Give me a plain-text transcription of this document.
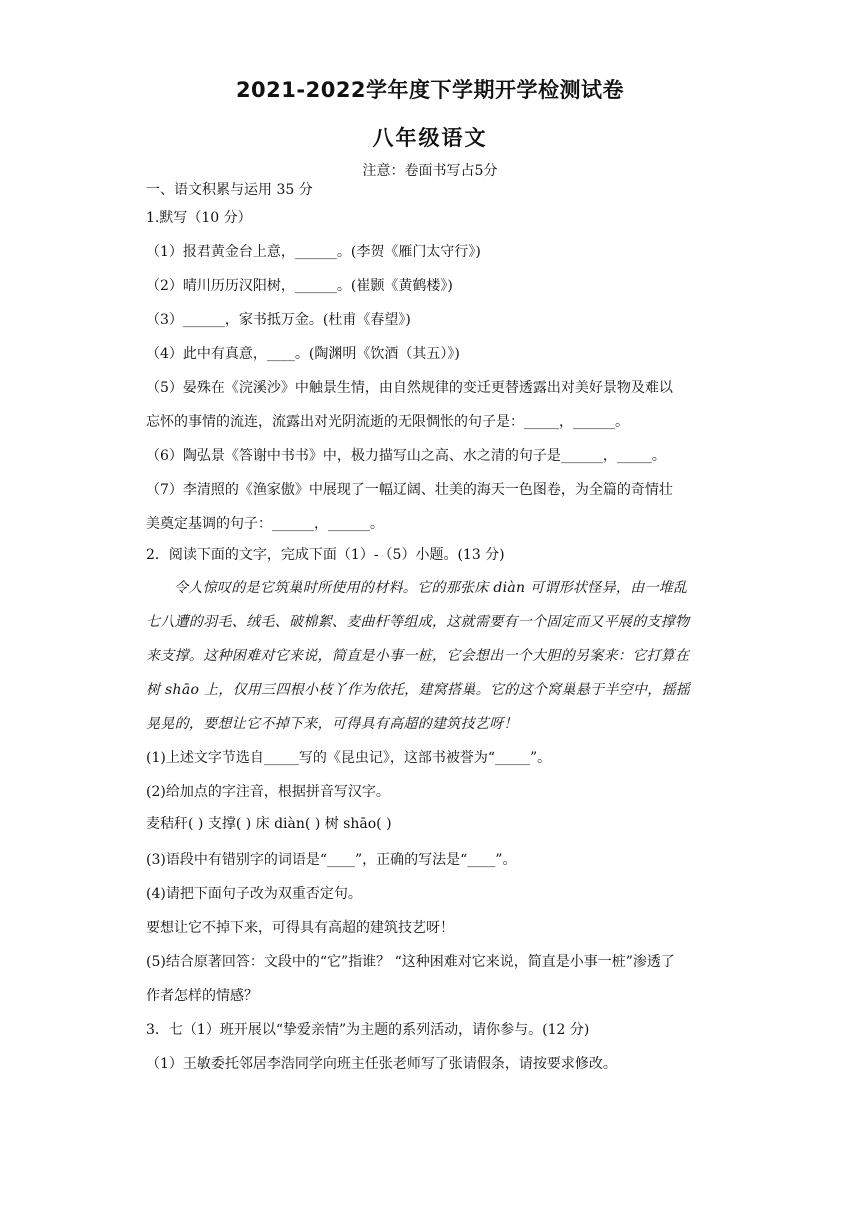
2021-2022学年度下学期开学检测试卷
八年级语文
注意：卷面书写占5分
一、语文积累与运用 35 分
1.默写（10 分）
（1）报君黄金台上意，______。(李贺《雁门太守行》)
（2）晴川历历汉阳树，______。(崔颢《黄鹤楼》)
（3）______，家书抵万金。(杜甫《春望》)
（4）此中有真意，____。(陶渊明《饮酒（其五）》)
（5）晏殊在《浣溪沙》中触景生情，由自然规律的变迁更替透露出对美好景物及难以
忘怀的事情的流连，流露出对光阴流逝的无限惆怅的句子是：_____，______。
（6）陶弘景《答谢中书书》中，极力描写山之高、水之清的句子是______，_____。
（7）李清照的《渔家傲》中展现了一幅辽阔、壮美的海天一色图卷，为全篇的奇情壮
美奠定基调的句子：______，______。
2．阅读下面的文字，完成下面（1）-（5）小题。(13 分)
令人惊叹的是它筑巢时所使用的材料。它的那张床 diàn 可谓形状怪异，由一堆乱
七八遭的羽毛、绒毛、破棉絮、麦曲杆等组成，这就需要有一个固定而又平展的支撑物
来支撑。这种困难对它来说，简直是小事一桩，它会想出一个大胆的另案来：它打算在
树 shāo 上，仅用三四根小枝丫作为依托，建窝搭巢。它的这个窝巢悬于半空中，摇摇
晃晃的，要想让它不掉下来，可得具有高超的建筑技艺呀！
(1)上述文字节选自_____写的《昆虫记》，这部书被誉为“_____”。
(2)给加点的字注音，根据拼音写汉字。
麦秸秆( ) 支撑( ) 床 diàn( ) 树 shāo( )
(3)语段中有错别字的词语是“____”，正确的写法是“____”。
(4)请把下面句子改为双重否定句。
要想让它不掉下来，可得具有高超的建筑技艺呀！
(5)结合原著回答：文段中的“它”指谁？ “这种困难对它来说，简直是小事一桩”渗透了
作者怎样的情感？
3．七（1）班开展以“挚爱亲情”为主题的系列活动，请你参与。(12 分)
（1）王敏委托邻居李浩同学向班主任张老师写了张请假条，请按要求修改。
